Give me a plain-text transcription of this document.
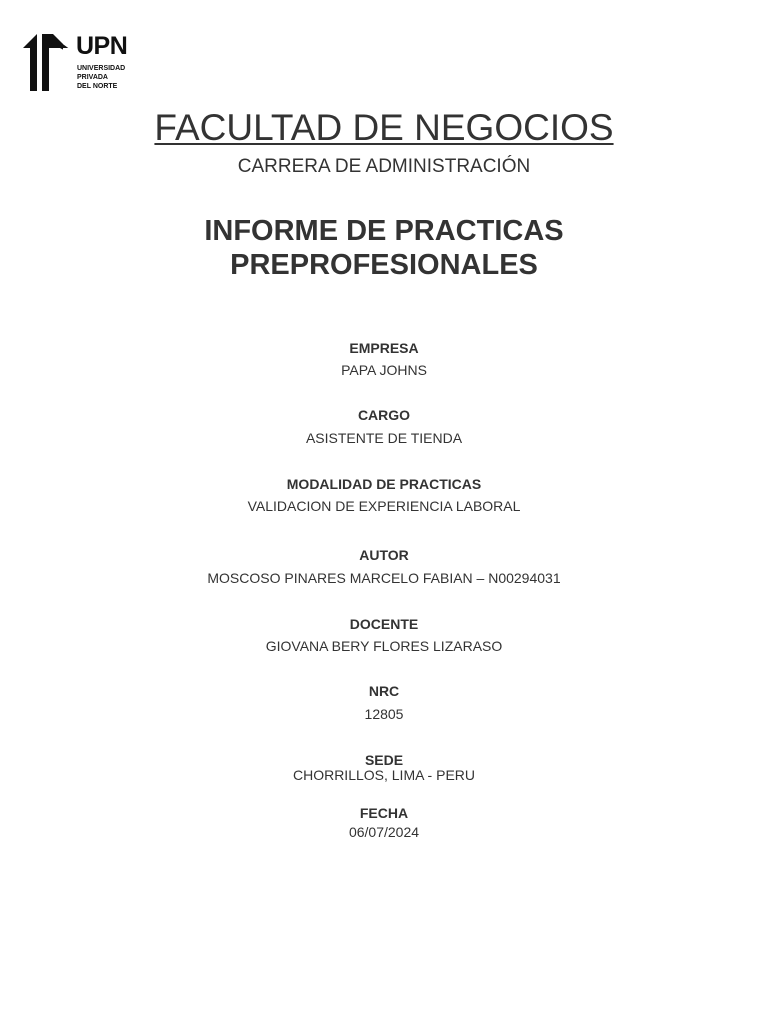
UPN
UNIVERSIDAD
PRIVADA
DEL NORTE
FACULTAD DE NEGOCIOS
CARRERA DE ADMINISTRACIÓN
INFORME DE PRACTICAS
PREPROFESIONALES
EMPRESA
PAPA JOHNS
CARGO
ASISTENTE DE TIENDA
MODALIDAD DE PRACTICAS
VALIDACION DE EXPERIENCIA LABORAL
AUTOR
MOSCOSO PINARES MARCELO FABIAN – N00294031
DOCENTE
GIOVANA BERY FLORES LIZARASO
NRC
12805
SEDE
CHORRILLOS, LIMA - PERU
FECHA
06/07/2024
